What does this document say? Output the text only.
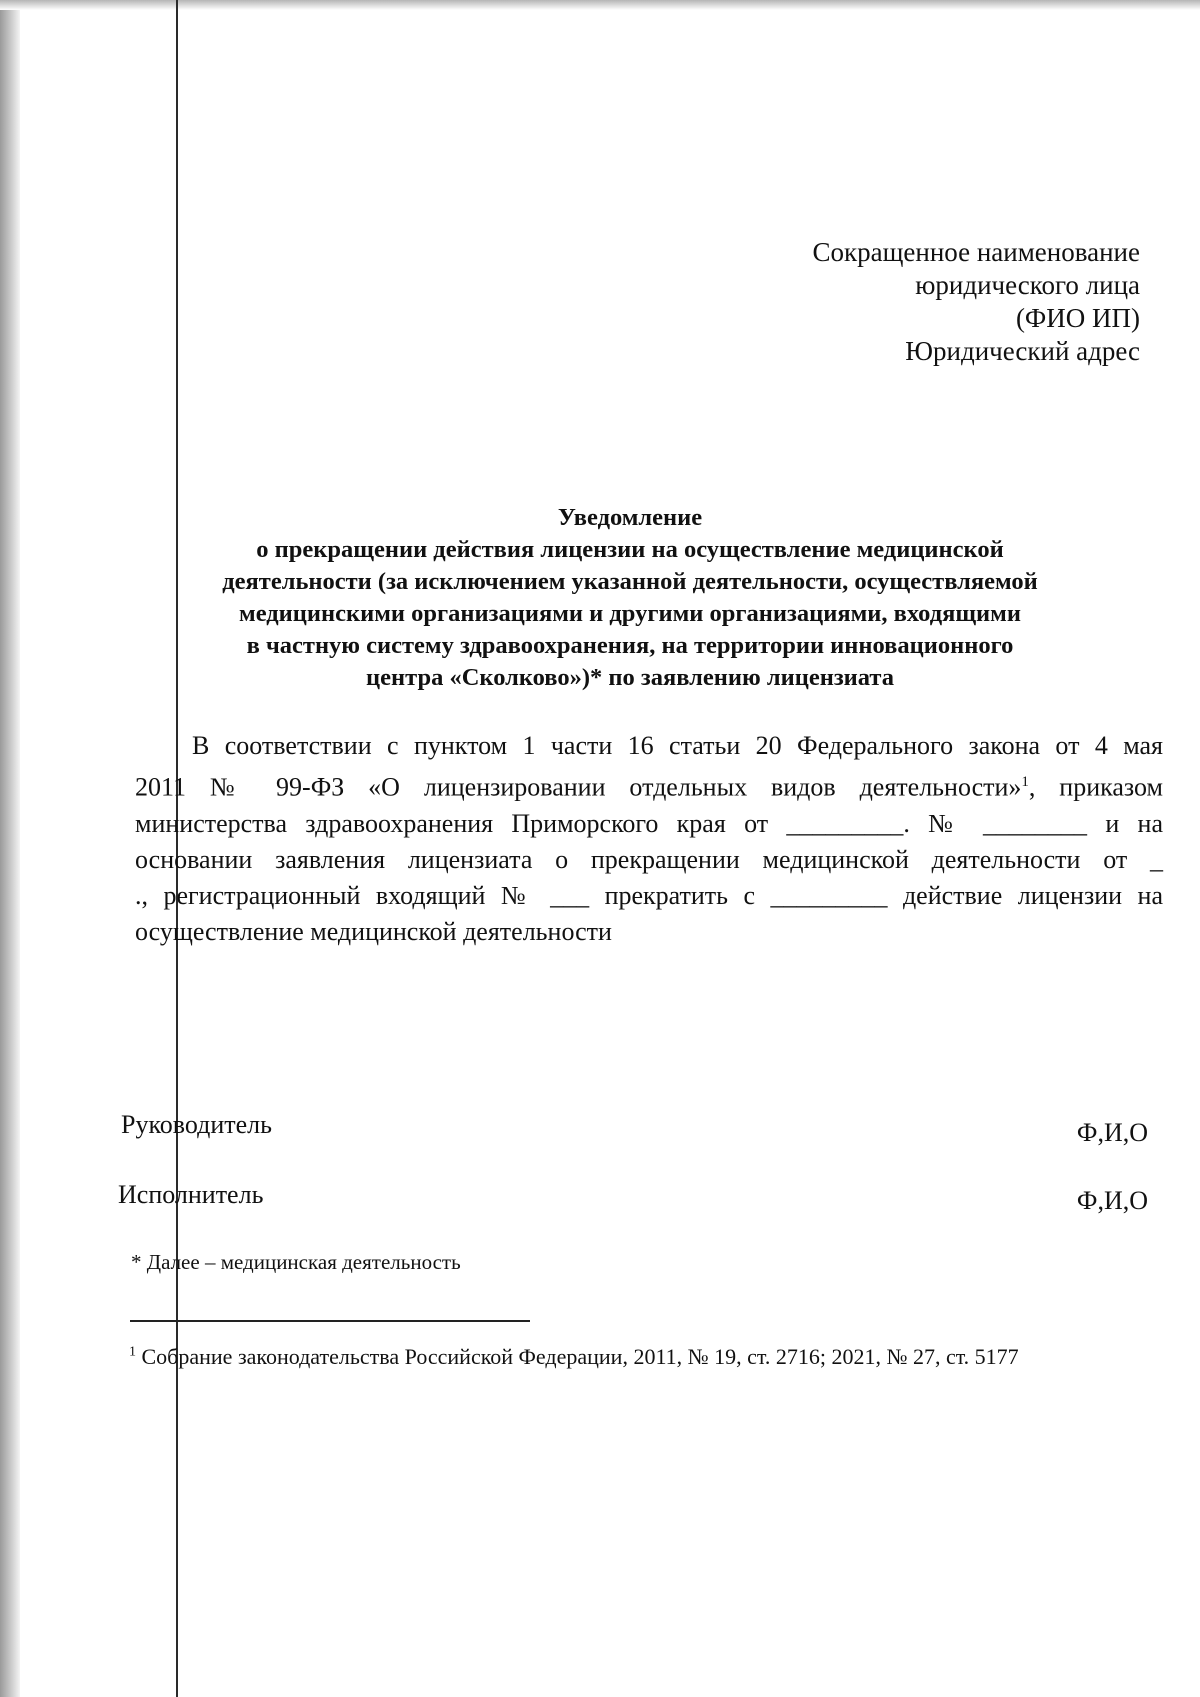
Сокращенное наименование
юридического лица
(ФИО ИП)
Юридический адрес
Уведомление
о прекращении действия лицензии на осуществление медицинской
деятельности (за исключением указанной деятельности, осуществляемой
медицинскими организациями и другими организациями, входящими
в частную систему здравоохранения, на территории инновационного
центра «Сколково»)* по заявлению лицензиата
В соответствии с пунктом 1 части 16 статьи 20 Федерального закона от 4 мая
2011 № 99-ФЗ «О лицензировании отдельных видов деятельности»$^1$, приказом
министерства здравоохранения Приморского края от _________. № ________ и на
основании заявления лицензиата о прекращении медицинской деятельности от _
., регистрационный входящий № ___ прекратить с _________ действие лицензии на
осуществление медицинской деятельности
Руководитель	Ф,И,О
Исполнитель	Ф,И,О
* Далее – медицинская деятельность
$^1$ Собрание законодательства Российской Федерации, 2011, № 19, ст. 2716; 2021, № 27, ст. 5177
